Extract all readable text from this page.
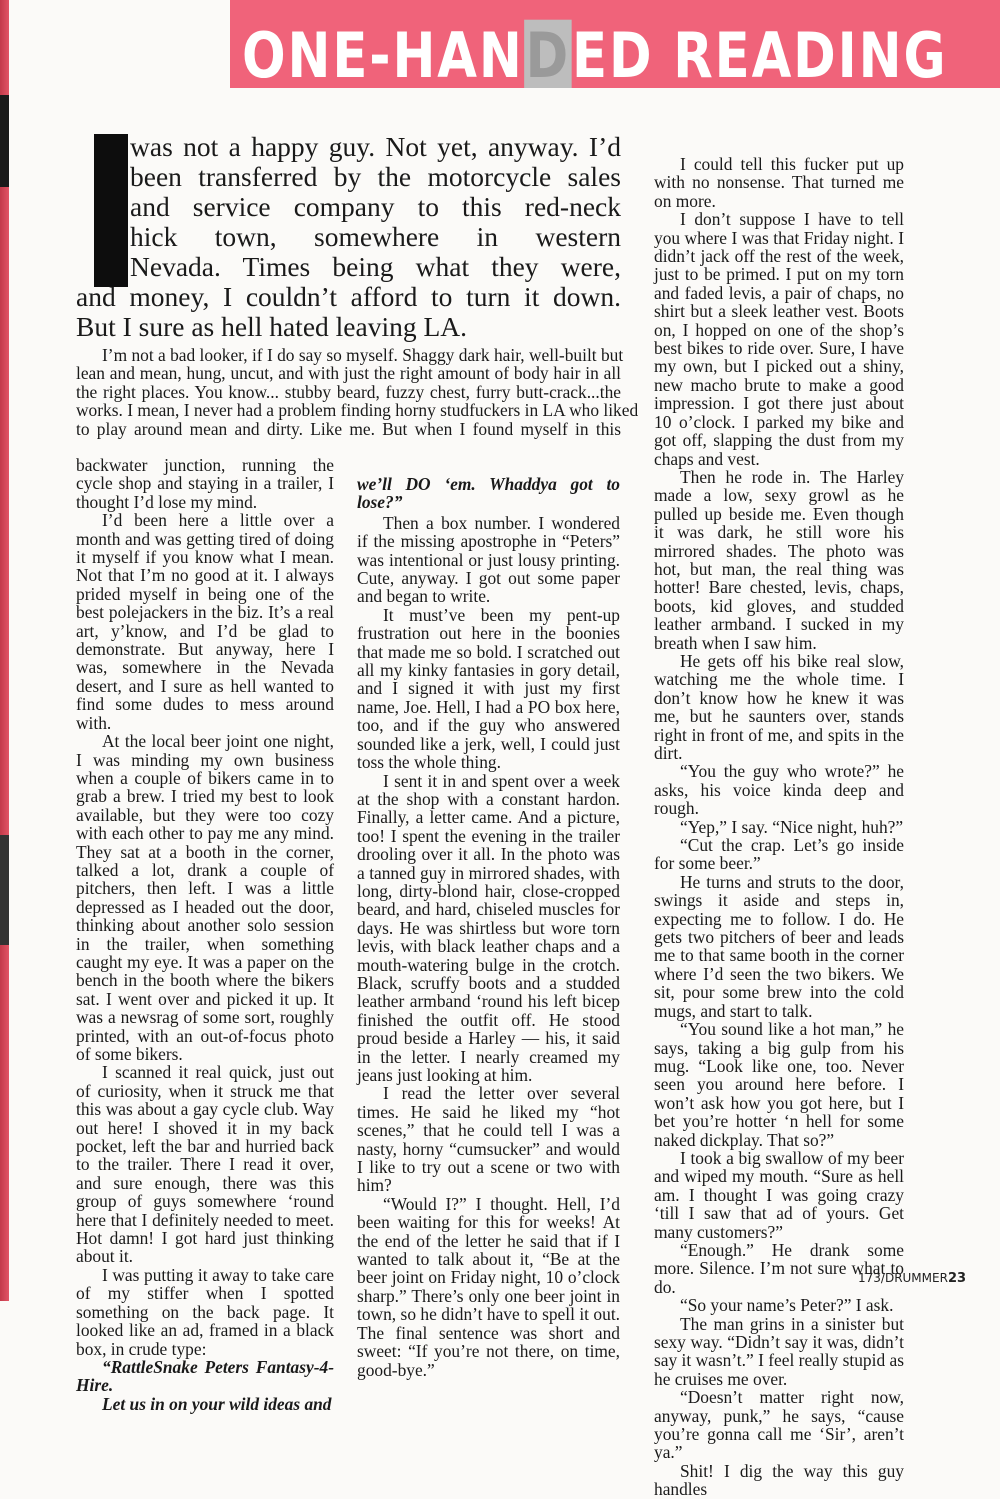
ONE-HANDED READING
was not a happy guy. Not yet, anyway. I’d
been transferred by the motorcycle sales
and service company to this red-neck
hick town, somewhere in western
Nevada. Times being what they were,
and money, I couldn’t afford to turn it down.
But I sure as hell hated leaving LA.
I’m not a bad looker, if I do say so myself. Shaggy dark hair, well-built but
lean and mean, hung, uncut, and with just the right amount of body hair in all
the right places. You know... stubby beard, fuzzy chest, furry butt-crack...the
works. I mean, I never had a problem finding horny studfuckers in LA who liked
to play around mean and dirty. Like me. But when I found myself in this

backwater junction, running the cycle shop and staying in a trailer, I thought I’d lose my mind.

I’d been here a little over a month and was getting tired of doing it myself if you know what I mean. Not that I’m no good at it. I always prided myself in being one of the best polejackers in the biz. It’s a real art, y’know, and I’d be glad to demonstrate. But anyway, here I was, somewhere in the Nevada desert, and I sure as hell wanted to find some dudes to mess around with.

At the local beer joint one night, I was minding my own business when a couple of bikers came in to grab a brew. I tried my best to look available, but they were too cozy with each other to pay me any mind. They sat at a booth in the corner, talked a lot, drank a couple of pitchers, then left. I was a little depressed as I headed out the door, thinking about another solo session in the trailer, when something caught my eye. It was a paper on the bench in the booth where the bikers sat. I went over and picked it up. It was a newsrag of some sort, roughly printed, with an out-of-focus photo of some bikers.

I scanned it real quick, just out of curiosity, when it struck me that this was about a gay cycle club. Way out here! I shoved it in my back pocket, left the bar and hurried back to the trailer. There I read it over, and sure enough, there was this group of guys somewhere ‘round here that I definitely needed to meet. Hot damn! I got hard just thinking about it.

I was putting it away to take care of my stiffer when I spotted something on the back page. It looked like an ad, framed in a black box, in crude type:

“RattleSnake Peters Fantasy-4-Hire.

Let us in on your wild ideas and

we’ll DO ‘em. Whaddya got to lose?”

Then a box number. I wondered if the missing apostrophe in “Peters” was intentional or just lousy printing. Cute, anyway. I got out some paper and began to write.

It must’ve been my pent-up frustration out here in the boonies that made me so bold. I scratched out all my kinky fantasies in gory detail, and I signed it with just my first name, Joe. Hell, I had a PO box here, too, and if the guy who answered sounded like a jerk, well, I could just toss the whole thing.

I sent it in and spent over a week at the shop with a constant hardon. Finally, a letter came. And a picture, too! I spent the evening in the trailer drooling over it all. In the photo was a tanned guy in mirrored shades, with long, dirty-blond hair, close-cropped beard, and hard, chiseled muscles for days. He was shirtless but wore torn levis, with black leather chaps and a mouth-watering bulge in the crotch. Black, scruffy boots and a studded leather armband ‘round his left bicep finished the outfit off. He stood proud beside a Harley — his, it said in the letter. I nearly creamed my jeans just looking at him.

I read the letter over several times. He said he liked my “hot scenes,” that he could tell I was a nasty, horny “cumsucker” and would I like to try out a scene or two with him?

“Would I?” I thought. Hell, I’d been waiting for this for weeks! At the end of the letter he said that if I wanted to talk about it, “Be at the beer joint on Friday night, 10 o’clock sharp.” There’s only one beer joint in town, so he didn’t have to spell it out. The final sentence was short and sweet: “If you’re not there, on time, good-bye.”

I could tell this fucker put up with no nonsense. That turned me on more.

I don’t suppose I have to tell you where I was that Friday night. I didn’t jack off the rest of the week, just to be primed. I put on my torn and faded levis, a pair of chaps, no shirt but a sleek leather vest. Boots on, I hopped on one of the shop’s best bikes to ride over. Sure, I have my own, but I picked out a shiny, new macho brute to make a good impression. I got there just about 10 o’clock. I parked my bike and got off, slapping the dust from my chaps and vest.

Then he rode in. The Harley made a low, sexy growl as he pulled up beside me. Even though it was dark, he still wore his mirrored shades. The photo was hot, but man, the real thing was hotter! Bare chested, levis, chaps, boots, kid gloves, and studded leather armband. I sucked in my breath when I saw him.

He gets off his bike real slow, watching me the whole time. I don’t know how he knew it was me, but he saunters over, stands right in front of me, and spits in the dirt.

“You the guy who wrote?” he asks, his voice kinda deep and rough.

“Yep,” I say. “Nice night, huh?”

“Cut the crap. Let’s go inside for some beer.”

He turns and struts to the door, swings it aside and steps in, expecting me to follow. I do. He gets two pitchers of beer and leads me to that same booth in the corner where I’d seen the two bikers. We sit, pour some brew into the cold mugs, and start to talk.

“You sound like a hot man,” he says, taking a big gulp from his mug. “Look like one, too. Never seen you around here before. I won’t ask how you got here, but I bet you’re hotter ‘n hell for some naked dickplay. That so?”

I took a big swallow of my beer and wiped my mouth. “Sure as hell am. I thought I was going crazy ‘till I saw that ad of yours. Get many customers?”

“Enough.” He drank some more. Silence. I’m not sure what to do.

“So your name’s Peter?” I ask.

The man grins in a sinister but sexy way. “Didn’t say it was, didn’t say it wasn’t.” I feel really stupid as he cruises me over.

“Doesn’t matter right now, anyway, punk,” he says, “cause you’re gonna call me ‘Sir’, aren’t ya.”

Shit! I dig the way this guy handles

173/DRUMMER23
